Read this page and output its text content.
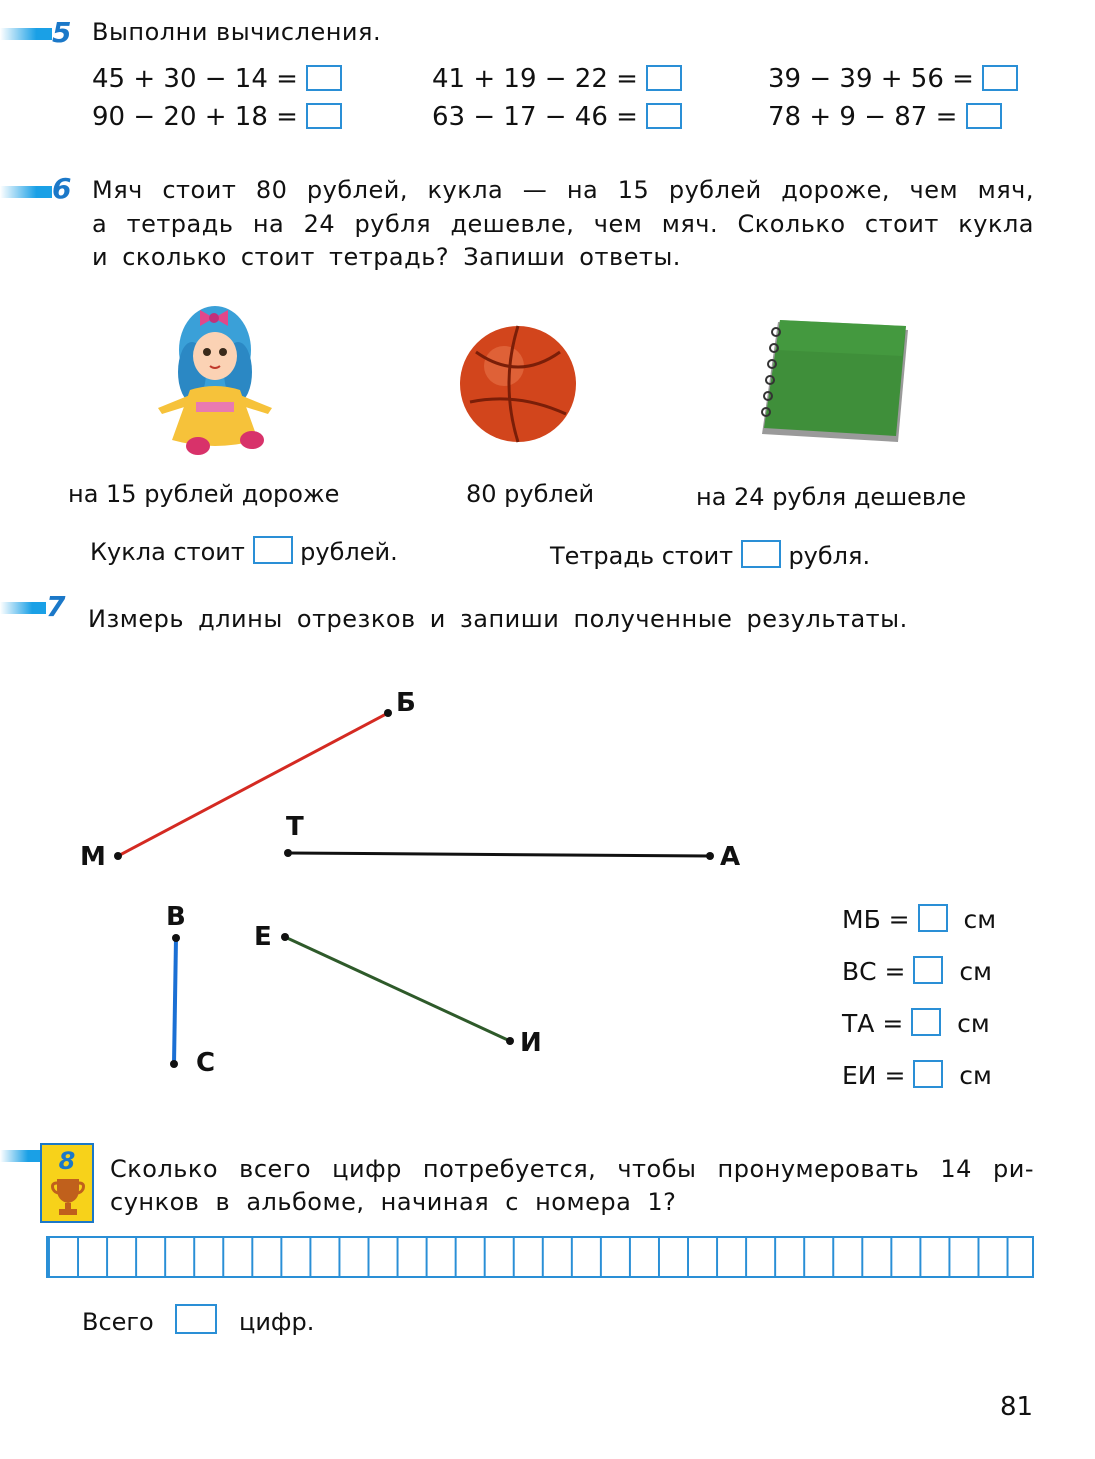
5 Выполни вычисления.
45 + 30 − 14 =	41 + 19 − 22 =	39 − 39 + 56 =
90 − 20 + 18 =	63 − 17 − 46 =	78 + 9 − 87 =
6 Мяч стоит 80 рублей, кукла — на 15 рублей дороже, чем мяч,
а тетрадь на 24 рубля дешевле, чем мяч. Сколько стоит кукла
и сколько стоит тетрадь? Запиши ответы.
на 15 рублей дороже	80 рублей	на 24 рубля дешевле
Кукла стоит рублей.	Тетрадь стоит рубля.
7 Измерь длины отрезков и запиши полученные результаты.
М
Б
Т
А
В
С
Е
И
МБ = см
ВС = см
ТА = см
ЕИ = см
8	Сколько всего цифр потребуется, чтобы пронумеровать 14 ри-
сунков в альбоме, начиная с номера 1?
Всего	цифр.
81
